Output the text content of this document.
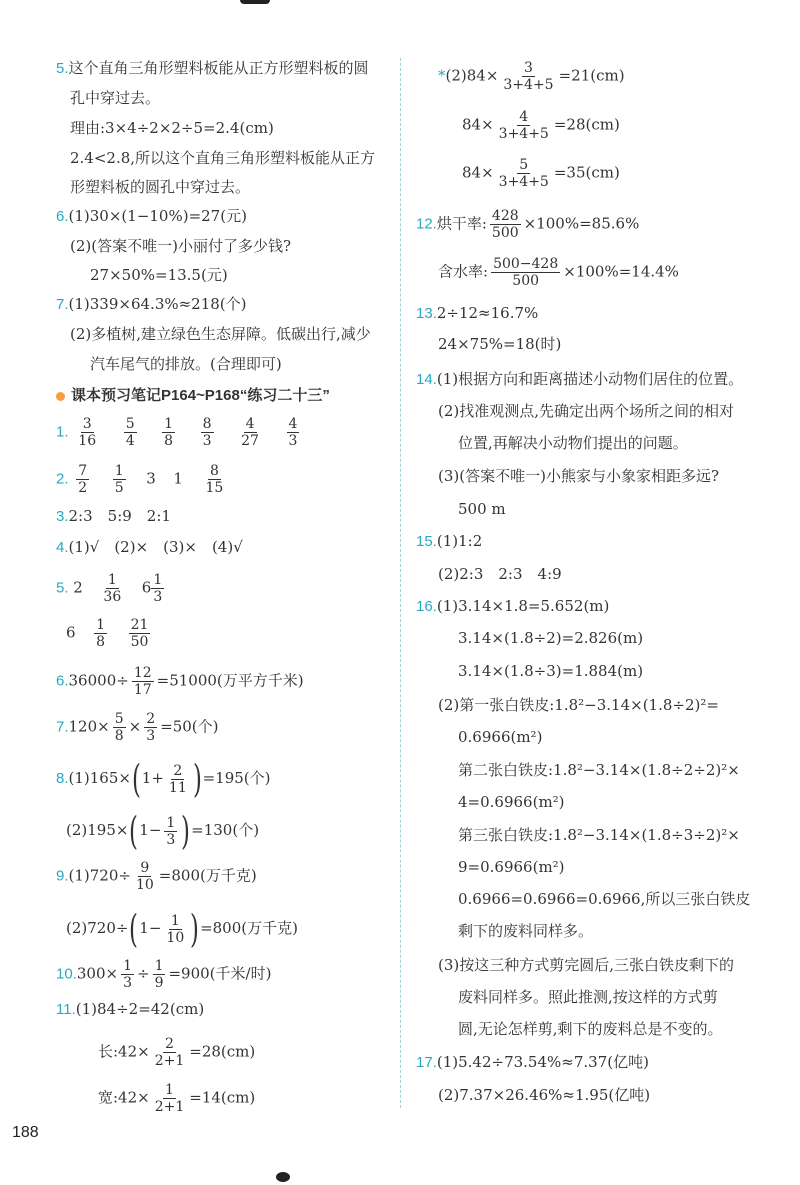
5.这个直角三角形塑料板能从正方形塑料板的圆
孔中穿过去。
理由:3×4÷2×2÷5=2.4(cm)
2.4<2.8,所以这个直角三角形塑料板能从正方
形塑料板的圆孔中穿过去。
6.(1)30×(1−10%)=27(元)
(2)(答案不唯一)小丽付了多少钱?
27×50%=13.5(元)
7.(1)339×64.3%≈218(个)
(2)多植树,建立绿色生态屏障。低碳出行,减少
汽车尾气的排放。(合理即可)
课本预习笔记P164~P168“练习二十三”
1. $\frac{3}{16}$
$\frac{5}{4}$
$\frac{1}{8}$
$\frac{8}{3}$
$\frac{4}{27}$
$\frac{4}{3}$
2. $\frac{7}{2}$
$\frac{1}{5} 3$ $1 \frac{8}{15}$
3.2:3　5:9　2:1
4.(1)√　(2)×　(3)×　(4)√
5. $2 \frac{1}{36} 6 \frac{1}{3}$
$6 \frac{1}{8}$
$\frac{21}{50}$
$6.36000\div \frac{12}{17} =51000$(万平方千米)
$7.120\times \frac{5}{8} \times \frac{2}{3} =50$(个)
$8.(1)165\times(1+ \frac{2}{11} )=195$(个)
$(2)195\times(1- \frac{1}{3} )=130$(个)
$9.(1)720\div \frac{9}{10} =800$(万千克)
$(2)720\div(1- \frac{1}{10} )=800$(万千克)
$10.300\times \frac{1}{3} \div \frac{1}{9} =900$(千米/时)
11.(1)84÷2=42(cm)
长:42× $\frac{2}{2+1} =28(cm)$
宽:42× $\frac{1}{2+1} =14(cm)$
$*(2)84\times \frac{3}{3+4+5} =21(cm)$
$84\times \frac{4}{3+4+5} =28(cm)$
$84\times \frac{5}{3+4+5} =35(cm)$
12.烘干率: $\frac{428}{500} \times 100\%=85.6\%$
含水率: $\frac{500-428}{500} \times 100\%=14.4\%$
13.2÷12≈16.7%
24×75%=18(时)
14.(1)根据方向和距离描述小动物们居住的位置。
(2)找准观测点,先确定出两个场所之间的相对
位置,再解决小动物们提出的问题。
(3)(答案不唯一)小熊家与小象家相距多远?
500 m
15.(1)1:2
(2)2:3　2:3　4:9
16.(1)3.14×1.8=5.652(m)
3.14×(1.8÷2)=2.826(m)
3.14×(1.8÷3)=1.884(m)
(2)第一张白铁皮:1.8²−3.14×(1.8÷2)²=
0.6966(m²)
第二张白铁皮:1.8²−3.14×(1.8÷2÷2)²×
4=0.6966(m²)
第三张白铁皮:1.8²−3.14×(1.8÷3÷2)²×
9=0.6966(m²)
0.6966=0.6966=0.6966,所以三张白铁皮
剩下的废料同样多。
(3)按这三种方式剪完圆后,三张白铁皮剩下的
废料同样多。照此推测,按这样的方式剪
圆,无论怎样剪,剩下的废料总是不变的。
17.(1)5.42÷73.54%≈7.37(亿吨)
(2)7.37×26.46%≈1.95(亿吨)
188
